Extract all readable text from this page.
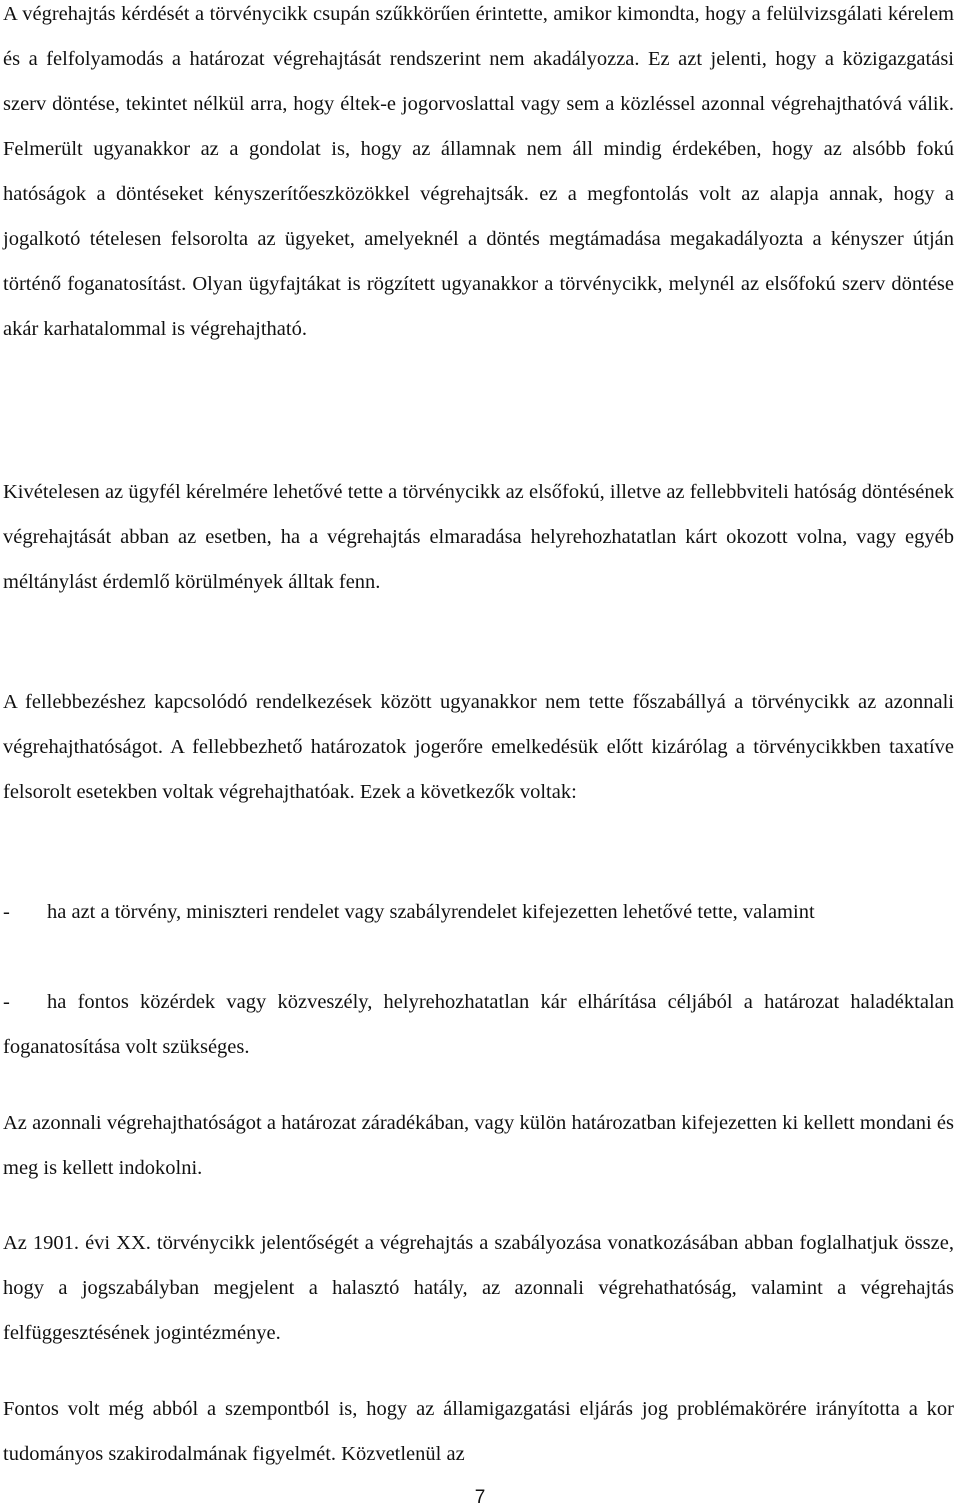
A végrehajtás kérdését a törvénycikk csupán szűkkörűen érintette, amikor kimondta, hogy a felülvizsgálati kérelem és a felfolyamodás a határozat végrehajtását rendszerint nem akadályozza. Ez azt jelenti, hogy a közigazgatási szerv döntése, tekintet nélkül arra, hogy éltek-e jogorvoslattal vagy sem a közléssel azonnal végrehajthatóvá válik. Felmerült ugyanakkor az a gondolat is, hogy az államnak nem áll mindig érdekében, hogy az alsóbb fokú hatóságok a döntéseket kényszerítőeszközökkel végrehajtsák. ez a megfontolás volt az alapja annak, hogy a jogalkotó tételesen felsorolta az ügyeket, amelyeknél a döntés megtámadása megakadályozta a kényszer útján történő foganatosítást. Olyan ügyfajtákat is rögzített ugyanakkor a törvénycikk, melynél az elsőfokú szerv döntése akár karhatalommal is végrehajtható.

Kivételesen az ügyfél kérelmére lehetővé tette a törvénycikk az elsőfokú, illetve az fellebbviteli hatóság döntésének végrehajtását abban az esetben, ha a végrehajtás elmaradása helyrehozhatatlan kárt okozott volna, vagy egyéb méltánylást érdemlő körülmények álltak fenn.

A fellebbezéshez kapcsolódó rendelkezések között ugyanakkor nem tette főszabállyá a törvénycikk az azonnali végrehajthatóságot. A fellebbezhető határozatok jogerőre emelkedésük előtt kizárólag a törvénycikkben taxatíve felsorolt esetekben voltak végrehajthatóak. Ezek a következők voltak:

- ha azt a törvény, miniszteri rendelet vagy szabályrendelet kifejezetten lehetővé tette, valamint

- ha fontos közérdek vagy közveszély, helyrehozhatatlan kár elhárítása céljából a határozat haladéktalan foganatosítása volt szükséges.

Az azonnali végrehajthatóságot a határozat záradékában, vagy külön határozatban kifejezetten ki kellett mondani és meg is kellett indokolni.

Az 1901. évi XX. törvénycikk jelentőségét a végrehajtás a szabályozása vonatkozásában abban foglalhatjuk össze, hogy a jogszabályban megjelent a halasztó hatály, az azonnali végrehathatóság, valamint a végrehajtás felfüggesztésének jogintézménye.

Fontos volt még abból a szempontból is, hogy az államigazgatási eljárás jog problémakörére irányította a kor tudományos szakirodalmának figyelmét. Közvetlenül az

7
